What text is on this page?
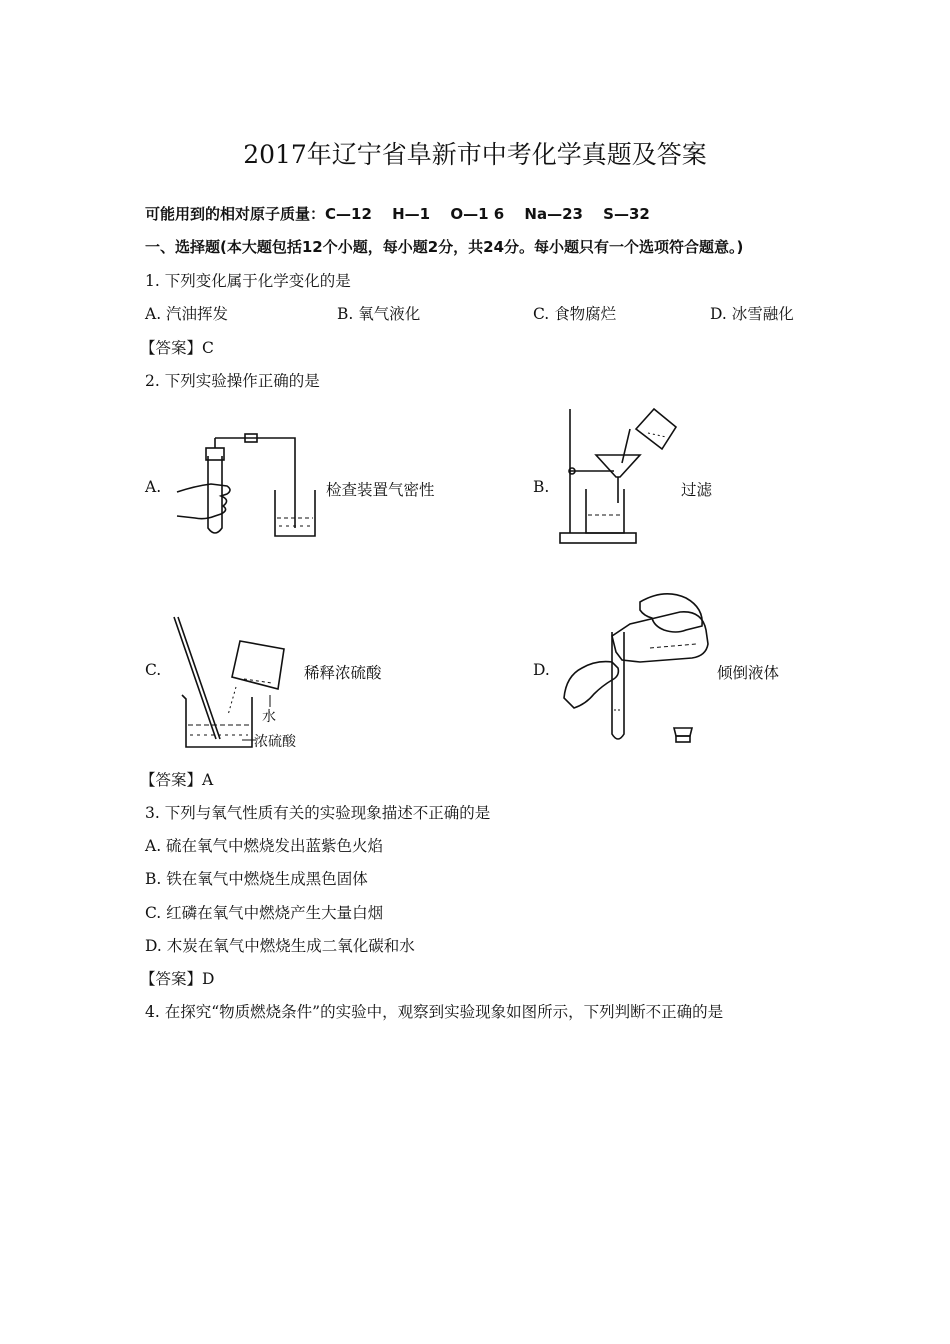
2017年辽宁省阜新市中考化学真题及答案
可能用到的相对原子质量：C—12　 H—1　 O—1 6　 Na—23　 S—32
一、选择题(本大题包括12个小题，每小题2分，共24分。每小题只有一个选项符合题意。)
1. 下列变化属于化学变化的是
A. 汽油挥发	B. 氧气液化	C. 食物腐烂	D. 冰雪融化
【答案】C
2. 下列实验操作正确的是
A.	检查装置气密性	B.	过滤
C.
水
浓硫酸
稀释浓硫酸	D.	倾倒液体
【答案】A
3. 下列与氧气性质有关的实验现象描述不正确的是
A. 硫在氧气中燃烧发出蓝紫色火焰
B. 铁在氧气中燃烧生成黑色固体
C. 红磷在氧气中燃烧产生大量白烟
D. 木炭在氧气中燃烧生成二氧化碳和水
【答案】D
4. 在探究“物质燃烧条件”的实验中，观察到实验现象如图所示，下列判断不正确的是
